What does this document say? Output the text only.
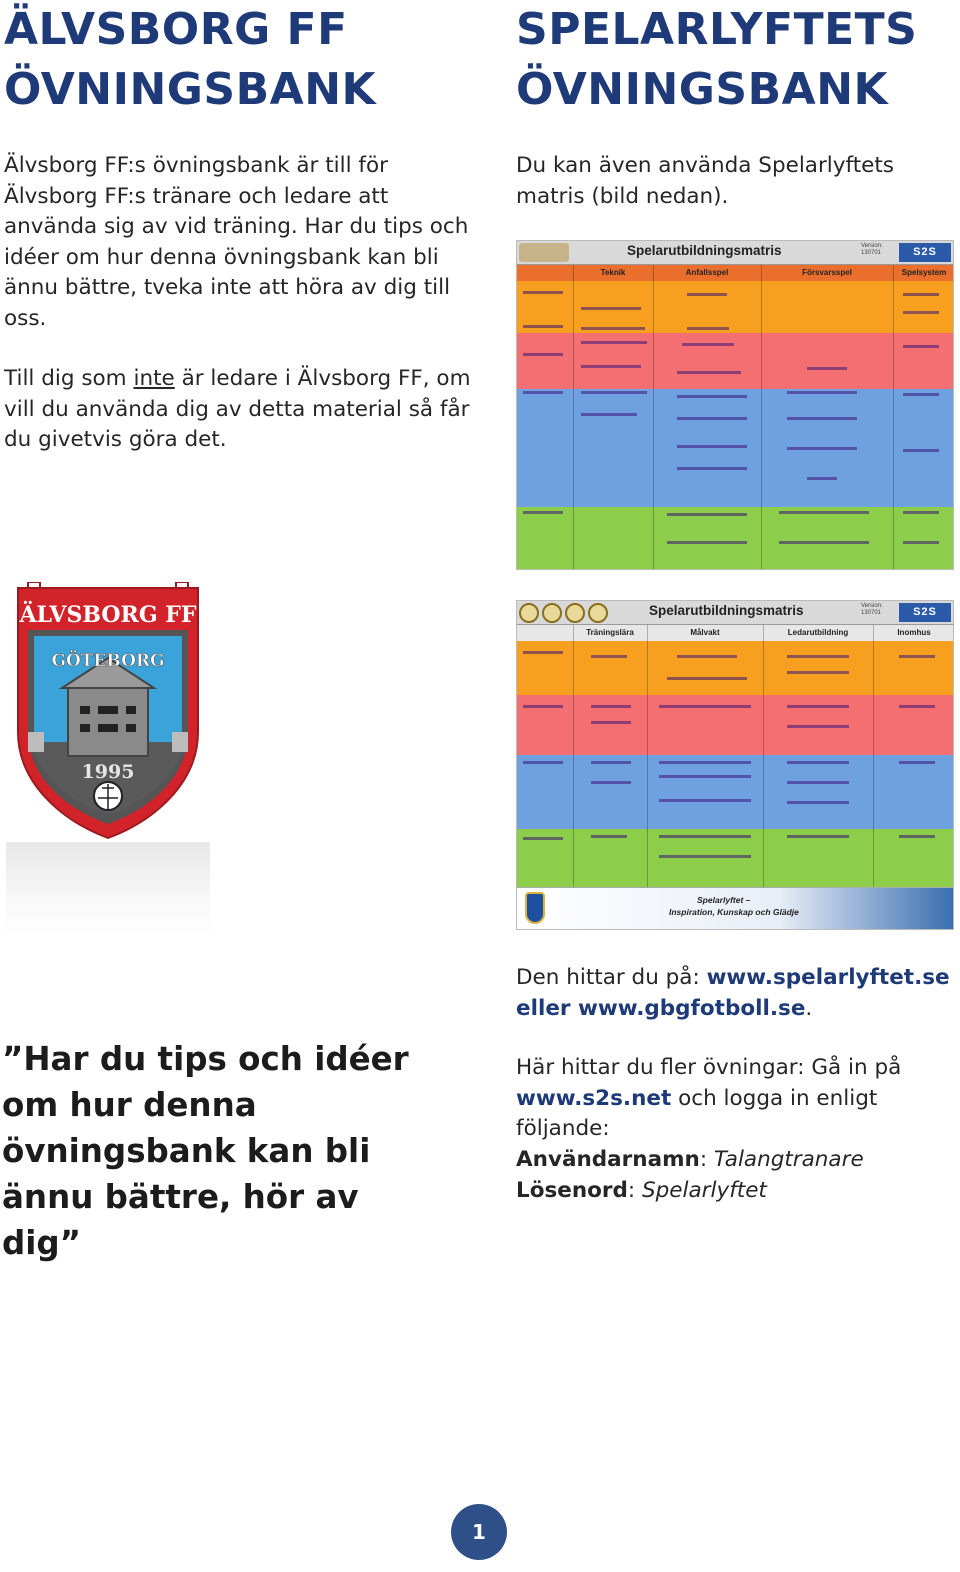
ÄLVSBORG FF
ÖVNINGSBANK
SPELARLYFTETS
ÖVNINGSBANK

Älvsborg FF:s övningsbank är till för Älvsborg FF:s tränare och ledare att använda sig av vid träning. Har du tips och idéer om hur denna övningsbank kan bli ännu bättre, tveka inte att höra av dig till oss.

Till dig som inte är ledare i Älvsborg FF, om vill du använda dig av detta material så får du givetvis göra det.

Du kan även använda Spelarlyftets matris (bild nedan).

Spelarutbildningsmatris	Version: 130701	S2S
Teknik	Anfallsspel	Försvarsspel	Spelsystem
Spelarutbildningsmatris	Version: 130701	S2S
Träningslära	Målvakt	Ledarutbildning	Inomhus
Spelarlyftet –
Inspiration, Kunskap och Glädje
ÄLVSBORG FF
GÖTEBORG
1995
”Har du tips och idéer om hur denna övningsbank kan bli ännu bättre, hör av dig”

Den hittar du på: www.spelarlyftet.se eller www.gbgfotboll.se.

Här hittar du fler övningar: Gå in på www.s2s.net och logga in enligt följande:

Användarnamn: Talangtranare
Lösenord: Spelarlyftet
1
